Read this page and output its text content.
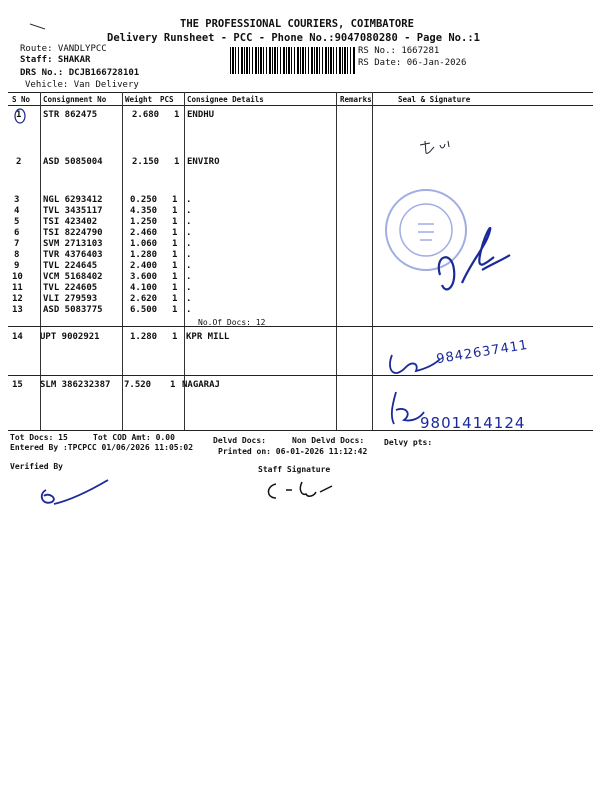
THE PROFESSIONAL COURIERS, COIMBATORE
Delivery Runsheet - PCC - Phone No.:9047080280 - Page No.:1
Route: VANDLYPCC
Staff: SHAKAR
DRS No.: DCJB166728101
Vehicle: Van Delivery
RS No.: 1667281
RS Date: 06-Jan-2026
S No Consignment No	Weight PCS Consignee Details	Remarks	Seal & Signature
1 STR 862475	2.680 1 ENDHU
2 ASD 5085004	2.150 1 ENVIRO
3	NGL 6293412	0.250 1 .
4	TVL 3435117	4.350 1 .
5	TSI 423402	1.250 1 .
6	TSI 8224790	2.460 1 .
7	SVM 2713103	1.060 1 .
8	TVR 4376403	1.280 1 .
9	TVL 224645	2.400 1 .
10 VCM 5168402	3.600 1 .
11 TVL 224605	4.100 1 .
12 VLI 279593	2.620 1 .
13 ASD 5083775	6.500 1 .
No.Of Docs: 12
14 UPT 9002921	1.280 1 KPR MILL
15 SLM 386232387 7.520 1 NAGARAJ
Tot Docs: 15	Tot COD Amt: 0.00	Delvd Docs:	Non Delvd Docs: Delvy pts:
Entered By :TPCPCC 01/06/2026 11:05:02	Printed on: 06-01-2026 11:12:42
Verified By	Staff Signature
9842637411
9801414124
